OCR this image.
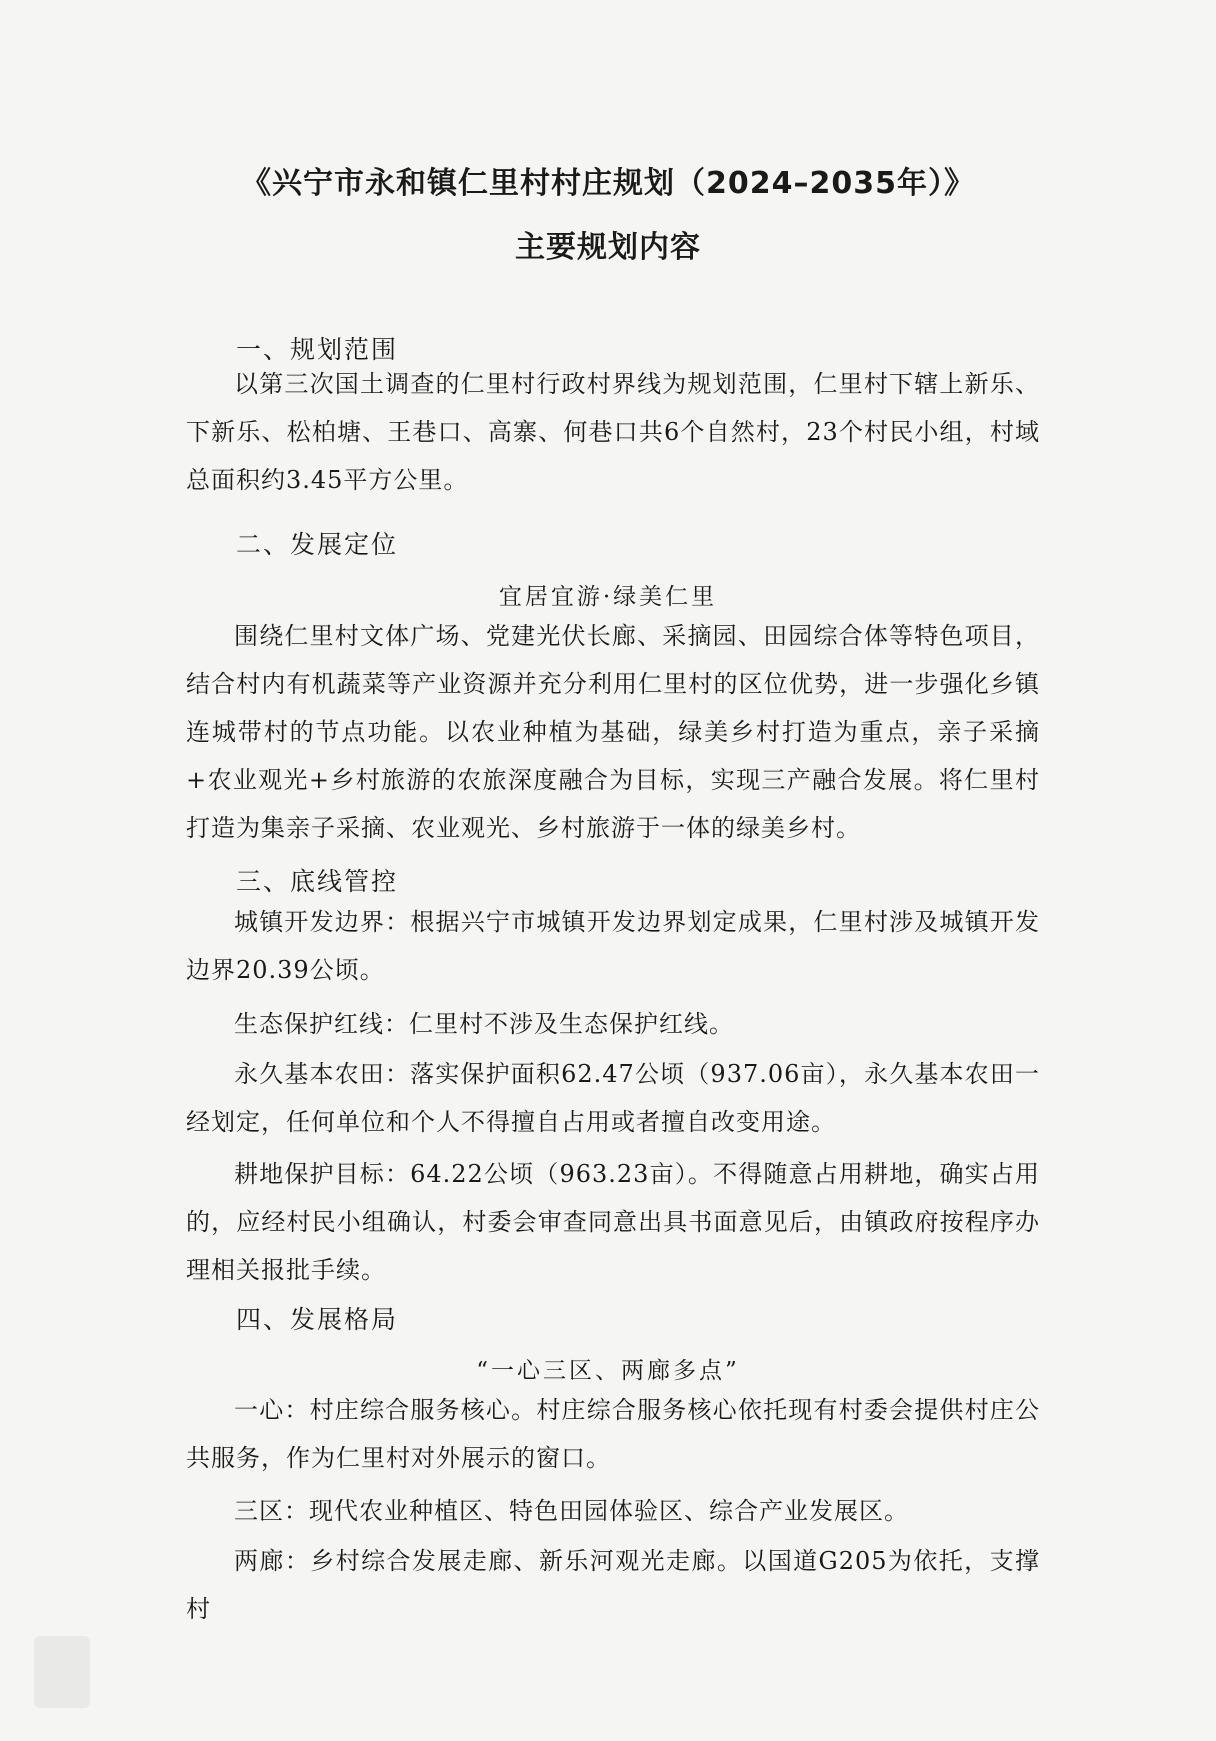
《兴宁市永和镇仁里村村庄规划（2024–2035年）》
主要规划内容
一、规划范围
以第三次国土调查的仁里村行政村界线为规划范围，仁里村下辖上新乐、下新乐、松柏塘、王巷口、高寨、何巷口共6个自然村，23个村民小组，村域总面积约3.45平方公里。
二、发展定位
宜居宜游·绿美仁里
围绕仁里村文体广场、党建光伏长廊、采摘园、田园综合体等特色项目，结合村内有机蔬菜等产业资源并充分利用仁里村的区位优势，进一步强化乡镇连城带村的节点功能。以农业种植为基础，绿美乡村打造为重点，亲子采摘+农业观光+乡村旅游的农旅深度融合为目标，实现三产融合发展。将仁里村打造为集亲子采摘、农业观光、乡村旅游于一体的绿美乡村。
三、底线管控
城镇开发边界：根据兴宁市城镇开发边界划定成果，仁里村涉及城镇开发边界20.39公顷。
生态保护红线：仁里村不涉及生态保护红线。
永久基本农田：落实保护面积62.47公顷（937.06亩），永久基本农田一经划定，任何单位和个人不得擅自占用或者擅自改变用途。
耕地保护目标：64.22公顷（963.23亩）。不得随意占用耕地，确实占用的，应经村民小组确认，村委会审查同意出具书面意见后，由镇政府按程序办理相关报批手续。
四、发展格局
“一心三区、两廊多点”
一心：村庄综合服务核心。村庄综合服务核心依托现有村委会提供村庄公共服务，作为仁里村对外展示的窗口。
三区：现代农业种植区、特色田园体验区、综合产业发展区。
两廊：乡村综合发展走廊、新乐河观光走廊。以国道G205为依托，支撑村
